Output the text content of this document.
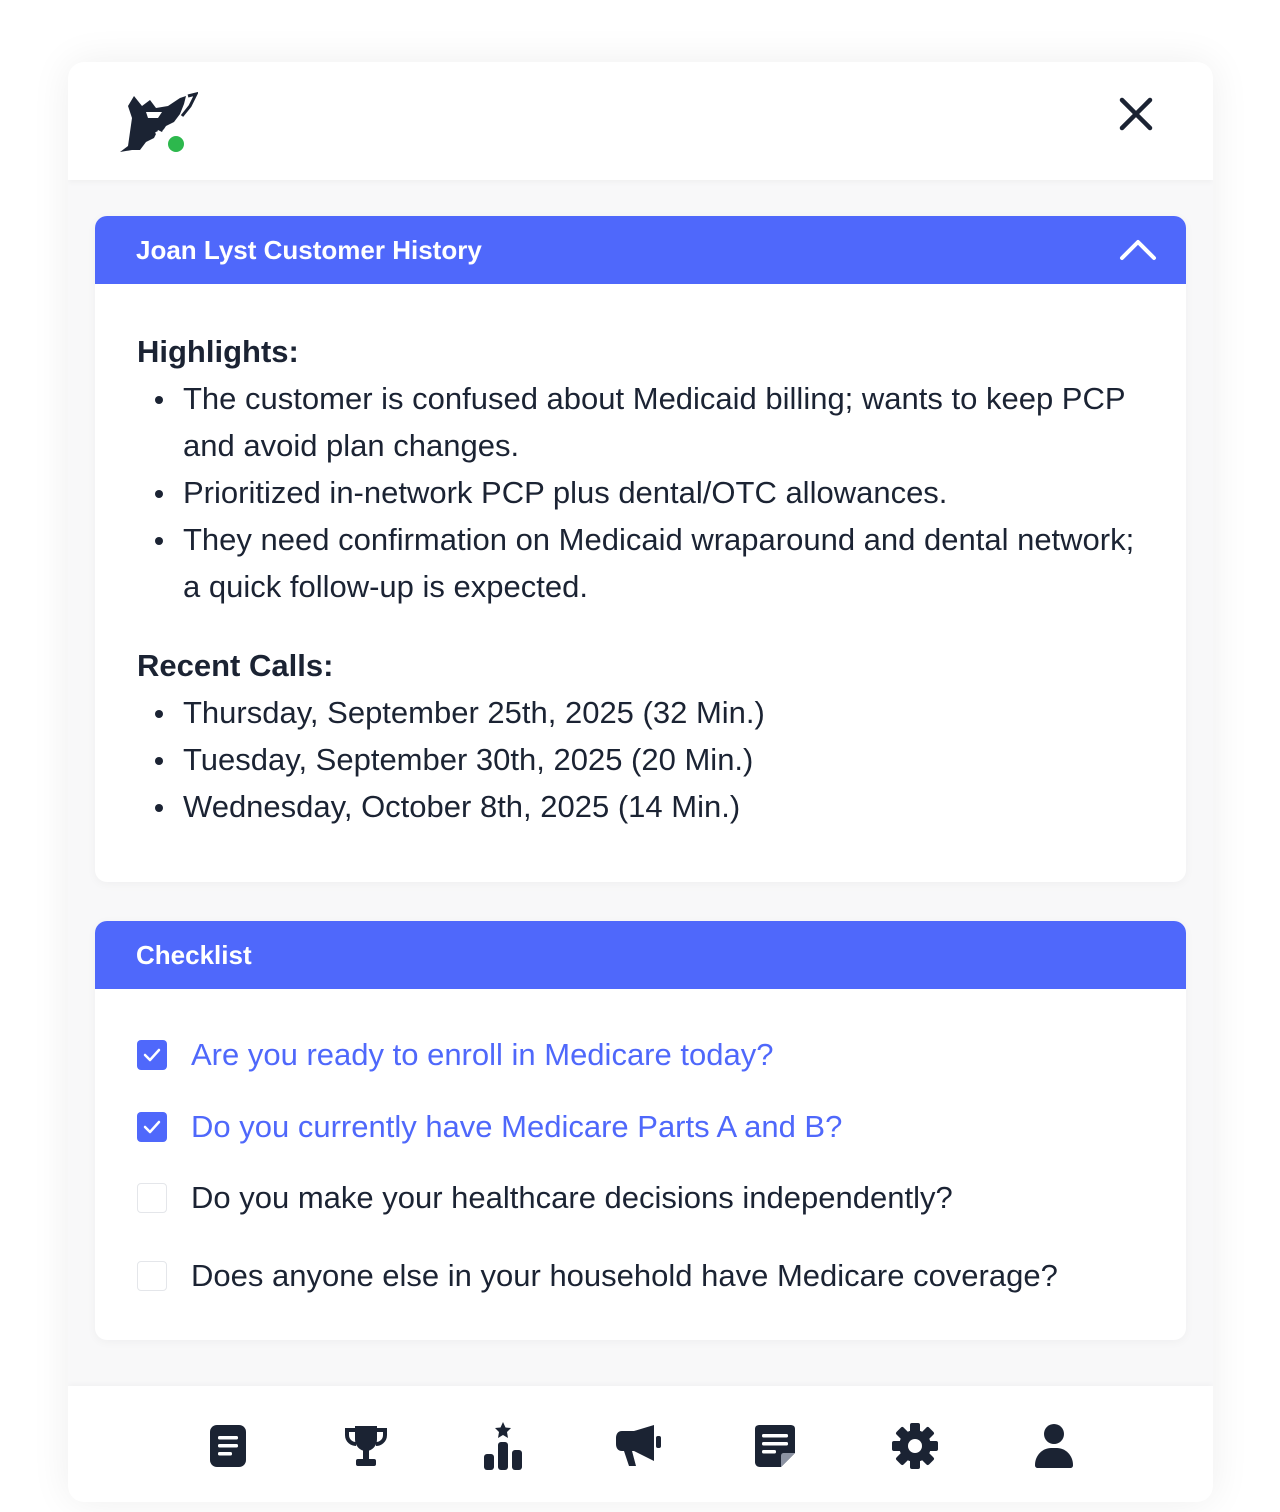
Joan Lyst Customer History
Highlights:
The customer is confused about Medicaid billing; wants to keep PCP and avoid plan changes.
Prioritized in-network PCP plus dental/OTC allowances.
They need confirmation on Medicaid wraparound and dental network; a quick follow-up is expected.
Recent Calls:
Thursday, September 25th, 2025 (32 Min.)
Tuesday, September 30th, 2025 (20 Min.)
Wednesday, October 8th, 2025 (14 Min.)
Checklist
Are you ready to enroll in Medicare today?
Do you currently have Medicare Parts A and B?
Do you make your healthcare decisions independently?
Does anyone else in your household have Medicare coverage?
